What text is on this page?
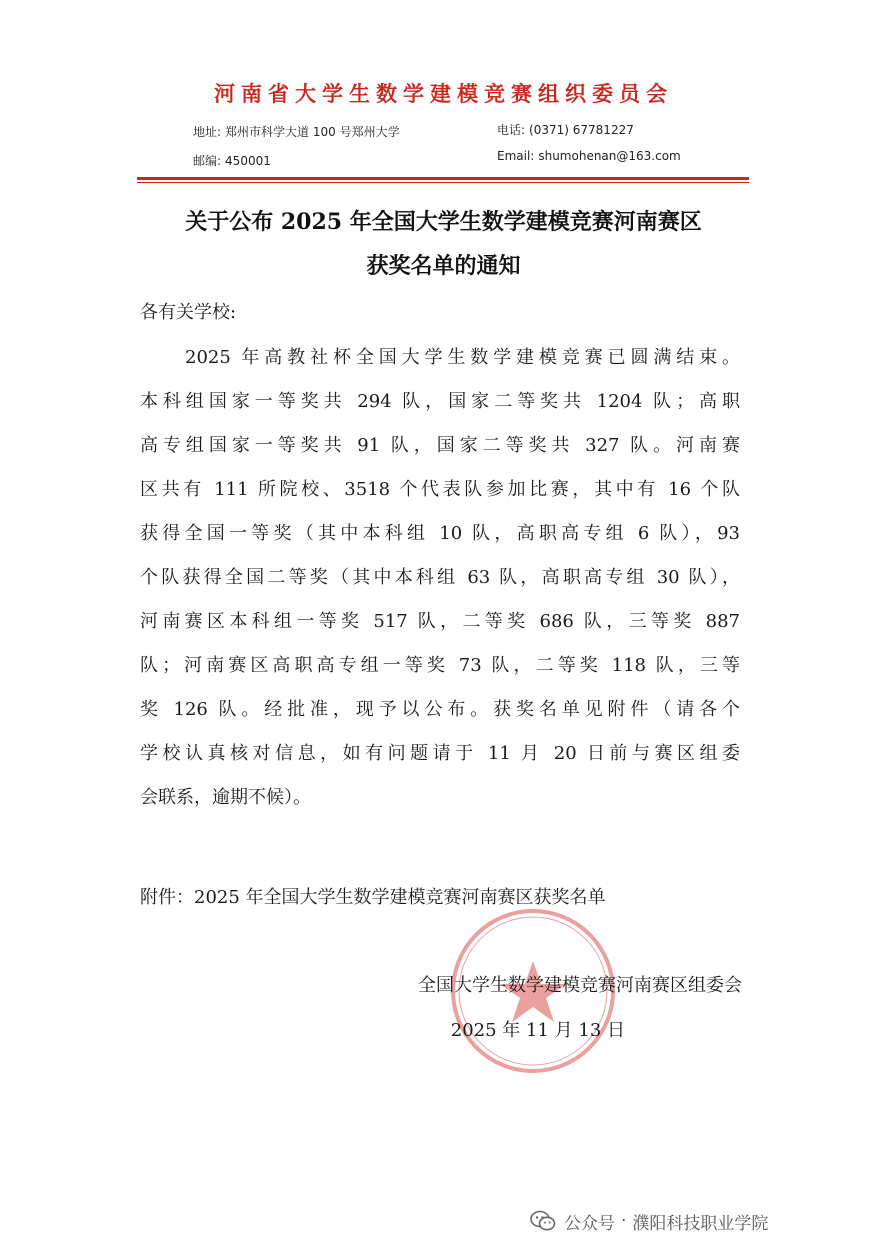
河南省大学生数学建模竞赛组织委员会
地址: 郑州市科学大道 100 号郑州大学	电话: (0371) 67781227
邮编: 450001	Email: shumohenan@163.com
关于公布 2025 年全国大学生数学建模竞赛河南赛区
获奖名单的通知
各有关学校:
2025 年高教社杯全国大学生数学建模竞赛已圆满结束。
本科组国家一等奖共 294 队，国家二等奖共 1204 队；高职
高专组国家一等奖共 91 队，国家二等奖共 327 队。河南赛
区共有 111 所院校、3518 个代表队参加比赛，其中有 16 个队
获得全国一等奖（其中本科组 10 队，高职高专组 6 队），93
个队获得全国二等奖（其中本科组 63 队，高职高专组 30 队），
河南赛区本科组一等奖 517 队，二等奖 686 队，三等奖 887
队；河南赛区高职高专组一等奖 73 队，二等奖 118 队，三等
奖 126 队。经批准，现予以公布。获奖名单见附件（请各个
学校认真核对信息，如有问题请于 11 月 20 日前与赛区组委
会联系，逾期不候）。
附件：2025 年全国大学生数学建模竞赛河南赛区获奖名单
全国大学生数学建模竞赛河南赛区组委会
2025 年 11 月 13 日
公众号 · 濮阳科技职业学院
